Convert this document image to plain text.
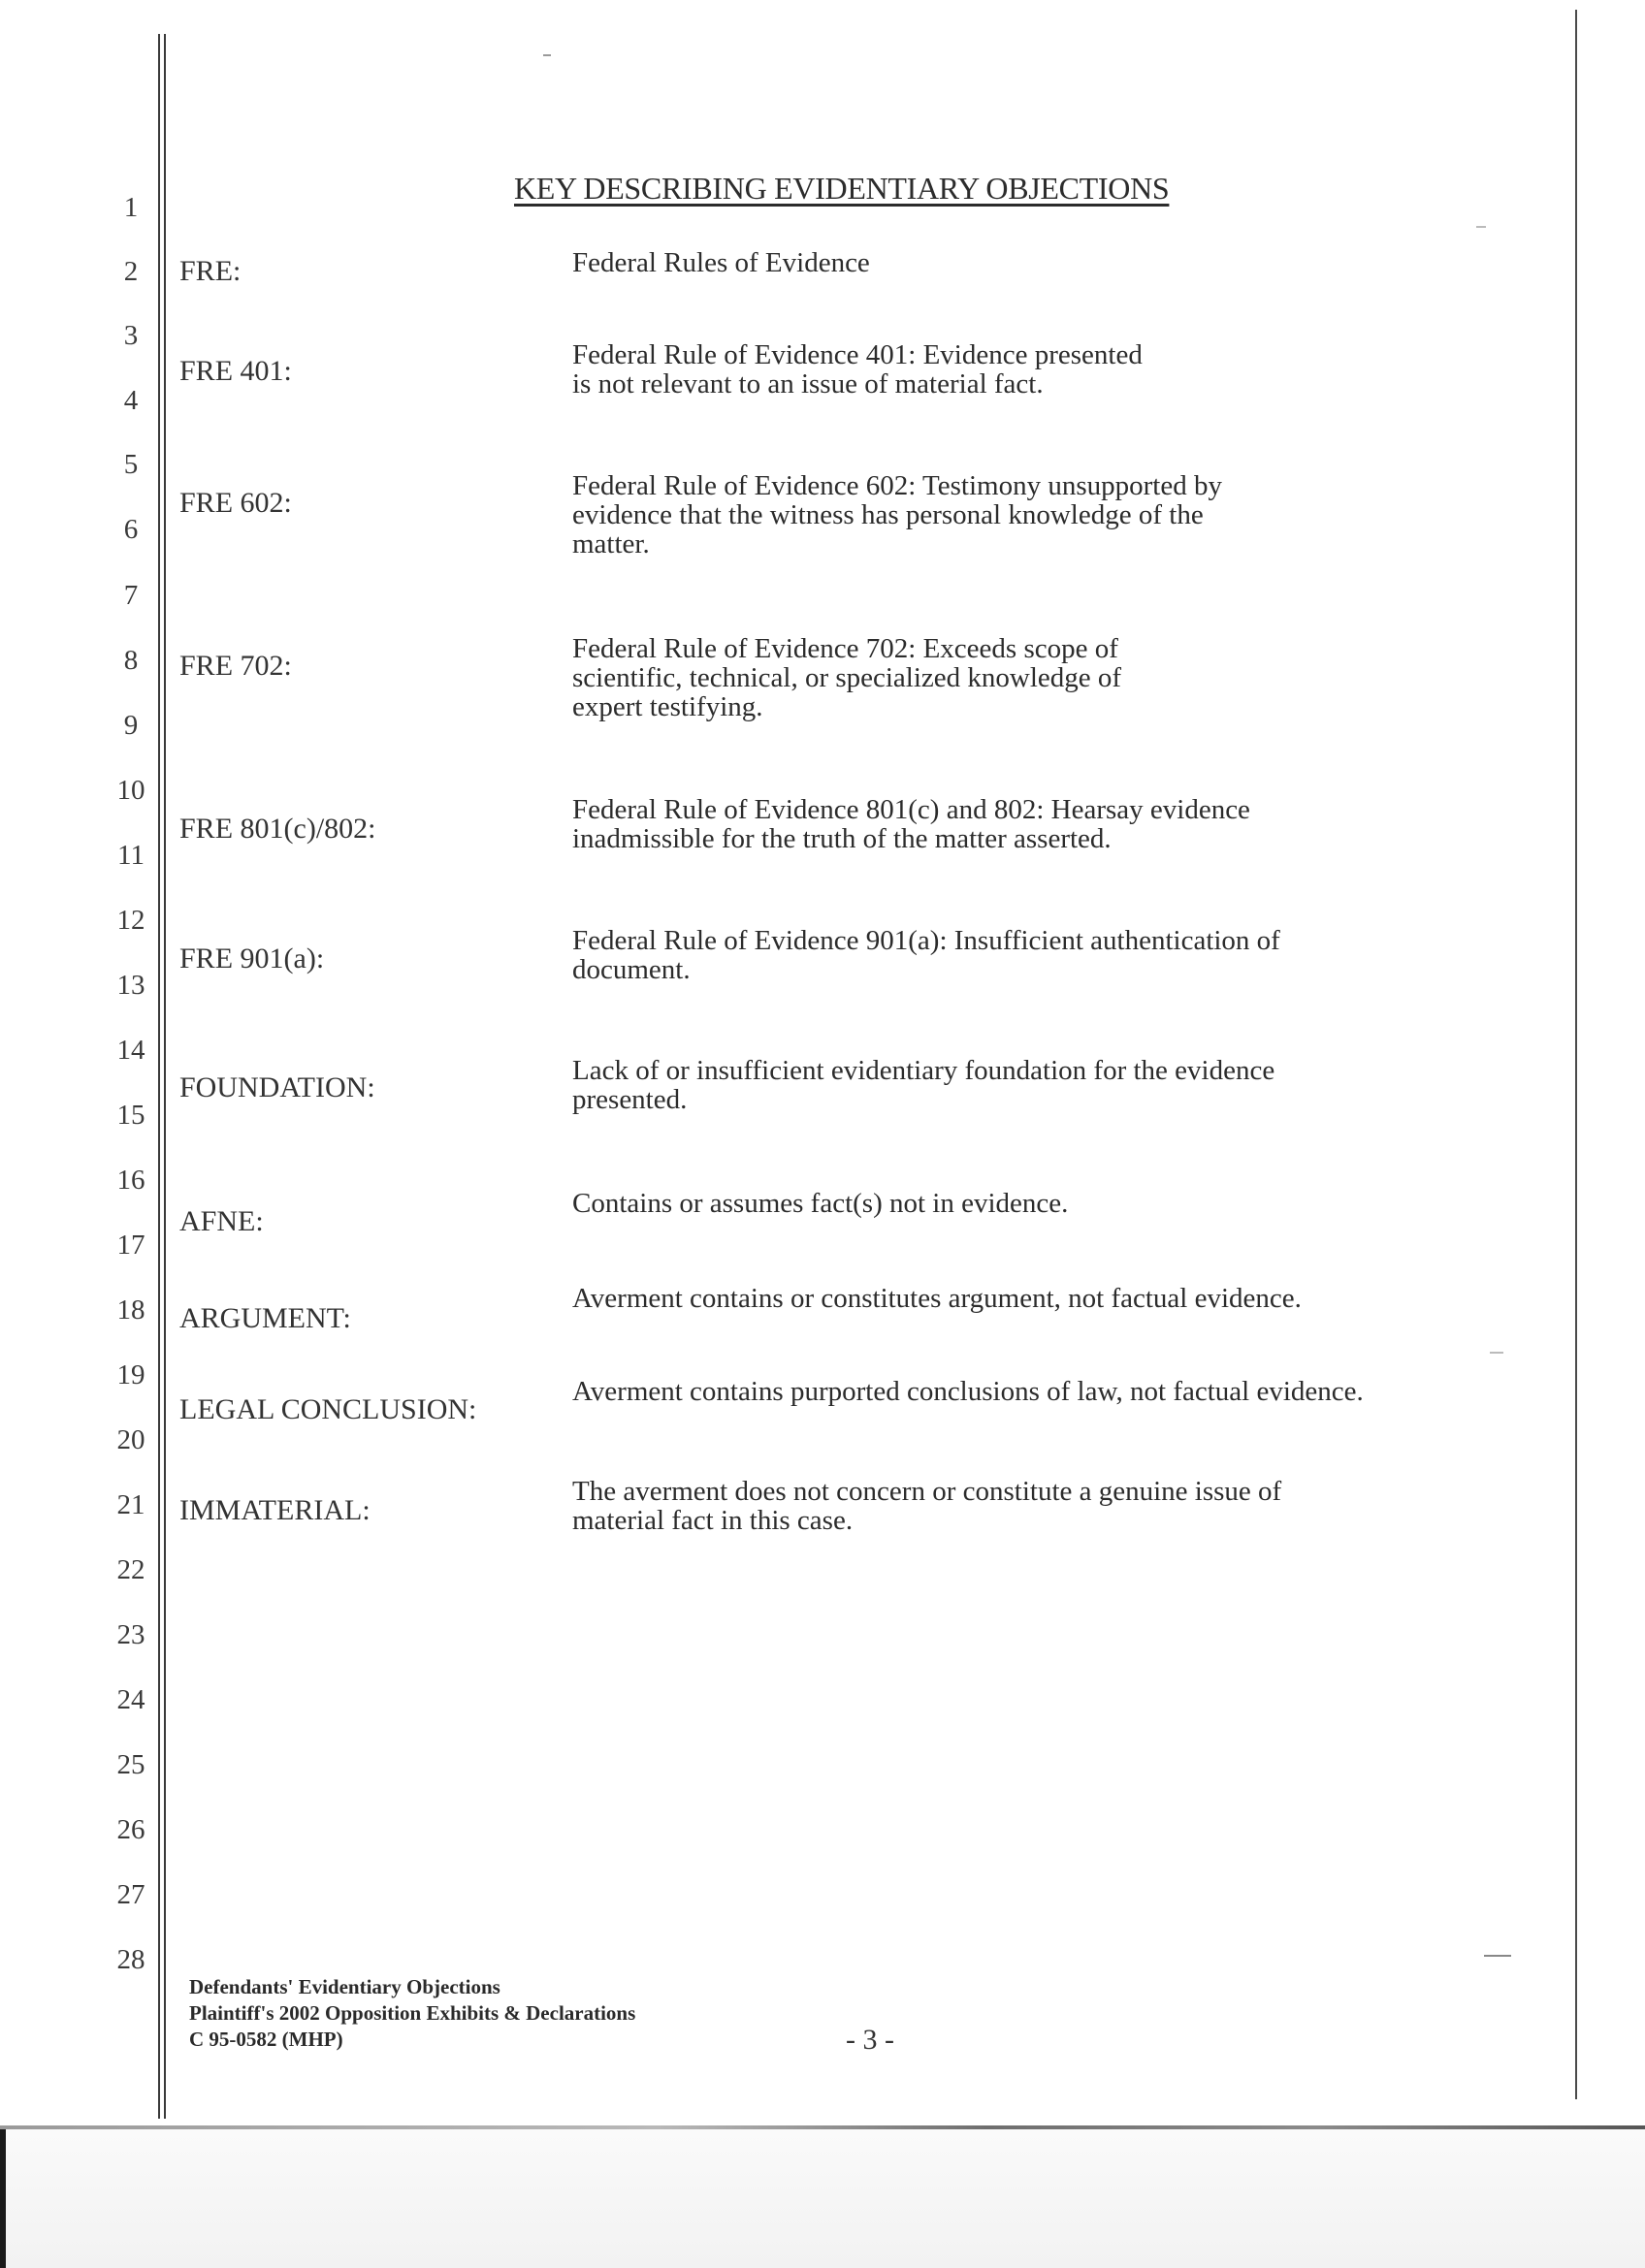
1
2
3
4
5
6
7
8
9
10
11
12
13
14
15
16
17
18
19
20
21
22
23
24
25
26
27
28
KEY DESCRIBING EVIDENTIARY OBJECTIONS
FRE:	Federal Rules of Evidence
FRE 401:	Federal Rule of Evidence 401: Evidence presented
is not relevant to an issue of material fact.
FRE 602:
Federal Rule of Evidence 602: Testimony unsupported by
evidence that the witness has personal knowledge of the
matter.
FRE 702:
Federal Rule of Evidence 702: Exceeds scope of
scientific, technical, or specialized knowledge of
expert testifying.
FRE 801(c)/802:
Federal Rule of Evidence 801(c) and 802: Hearsay evidence
inadmissible for the truth of the matter asserted.
FRE 901(a):
Federal Rule of Evidence 901(a): Insufficient authentication of
document.
FOUNDATION:
Lack of or insufficient evidentiary foundation for the evidence
presented.
AFNE:
Contains or assumes fact(s) not in evidence.
ARGUMENT:
Averment contains or constitutes argument, not factual evidence.
LEGAL CONCLUSION:
Averment contains purported conclusions of law, not factual evidence.
IMMATERIAL:
The averment does not concern or constitute a genuine issue of
material fact in this case.
Defendants' Evidentiary Objections
Plaintiff's 2002 Opposition Exhibits & Declarations
C 95-0582 (MHP)	- 3 -
